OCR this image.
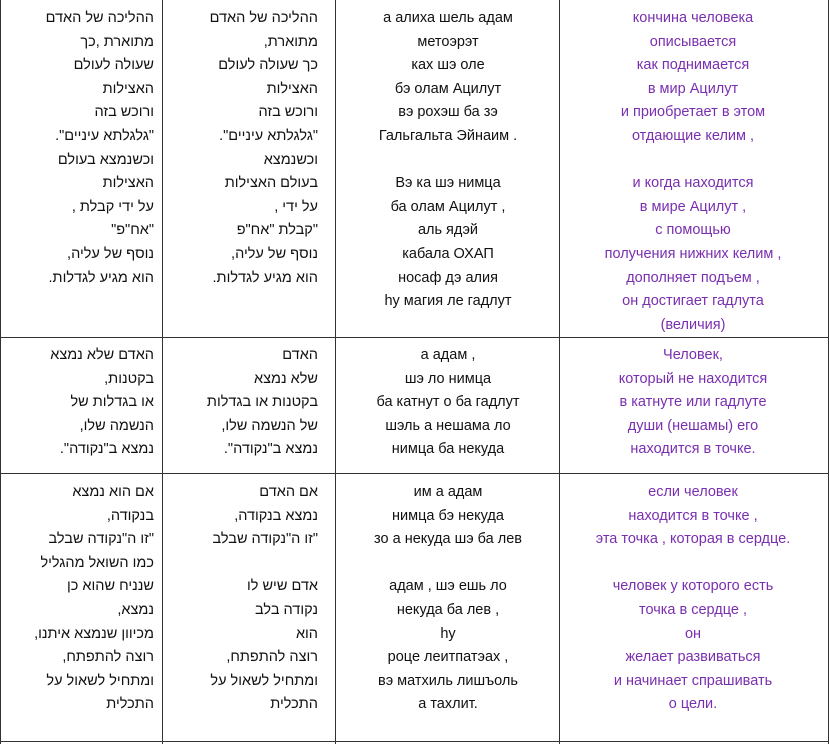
ההליכה של האדם
מתוארת ,כך
שעולה לעולם
האצילות
ורוכש בזה
"גלגלתא עיניים".
וכשנמצא בעולם
האצילות
על ידי קבלת ,
"אח"פ"
נוסף של עליה,
הוא מגיע לגדלות.
ההליכה של האדם
מתוארת,
כך שעולה לעולם
האצילות
ורוכש בזה
"גלגלתא עיניים".
וכשנמצא
בעולם האצילות
על ידי ,
"קבלת "אח"פ
נוסף של עליה,
הוא מגיע לגדלות.
а алиха шель адам
метоэрэт
ках шэ оле
бэ олам Ацилут
вэ рохэш ба зэ
Гальгальта Эйнаим .
Вэ ка шэ нимца
ба олам Ацилут ,
аль ядэй
кабала ОХАП
носаф дэ алия
hу магия ле гадлут
кончина человека
описывается
как поднимается
в мир Ацилут
и приобретает в этом
отдающие келим ,
и когда находится
в мире Ацилут ,
с помощью
получения нижних келим ,
дополняет подъем ,
он достигает гадлута
(величия)
האדם שלא נמצא
בקטנות,
או בגדלות של
הנשמה שלו,
נמצא ב"נקודה".
האדם
שלא נמצא
בקטנות או בגדלות
של הנשמה שלו,
נמצא ב"נקודה".
а адам ,
шэ ло нимца
ба катнут о ба гадлут
шэль а нешама ло
нимца ба некуда
Человек,
который не находится
в катнуте или гадлуте
души (нешамы) его
находится в точке.
אם הוא נמצא
בנקודה,
"זו ה"נקודה שבלב
כמו השואל מהגליל
שנניח שהוא כן
נמצא,
מכיוון שנמצא איתנו,
רוצה להתפתח,
ומתחיל לשאול על
התכלית
אם האדם
נמצא בנקודה,
"זו ה"נקודה שבלב
אדם שיש לו
נקודה בלב
הוא
רוצה להתפתח,
ומתחיל לשאול על
התכלית
им а адам
нимца бэ некуда
зо а некуда шэ ба лев
адам , шэ ешь ло
некуда ба лев ,
hу
роце леитпатэах ,
вэ матхиль лишъоль
а тахлит.
если человек
находится в точке ,
эта точка , которая в сердце.
человек у которого есть
точка в сердце ,
он
желает развиваться
и начинает спрашивать
о цели.
